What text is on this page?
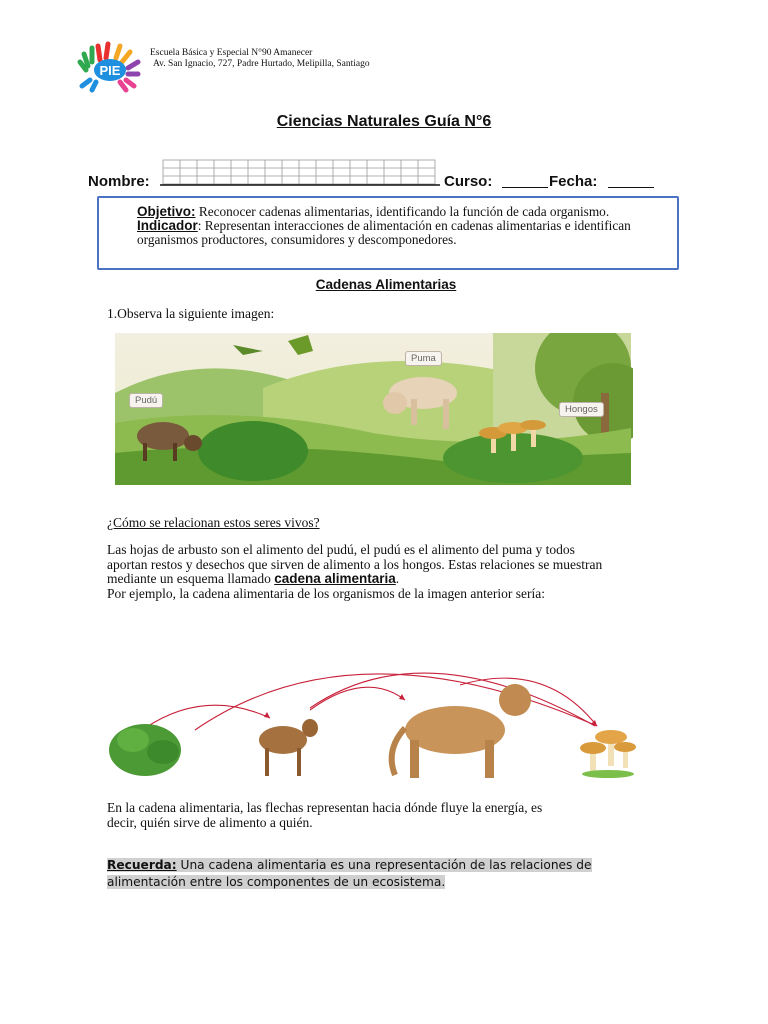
PIE
Escuela Básica y Especial N°90 Amanecer
Av. San Ignacio, 727, Padre Hurtado, Melipilla, Santiago
Ciencias Naturales Guía N°6
Nombre:	Curso:	Fecha:
Objetivo: Reconocer cadenas alimentarias, identificando la función de cada organismo.
Indicador: Representan interacciones de alimentación en cadenas alimentarias e identifican organismos productores, consumidores y descomponedores.
Cadenas Alimentarias
1.Observa la siguiente imagen:
Pudú
Puma
Hongos
¿Cómo se relacionan estos seres vivos?
Las hojas de arbusto son el alimento del pudú, el pudú es el alimento del puma y todos
aportan restos y desechos que sirven de alimento a los hongos. Estas relaciones se muestran
mediante un esquema llamado cadena alimentaria.
Por ejemplo, la cadena alimentaria de los organismos de la imagen anterior sería:
En la cadena alimentaria, las flechas representan hacia dónde fluye la energía, es
decir, quién sirve de alimento a quién.
Recuerda: Una cadena alimentaria es una representación de las relaciones de
alimentación entre los componentes de un ecosistema.
